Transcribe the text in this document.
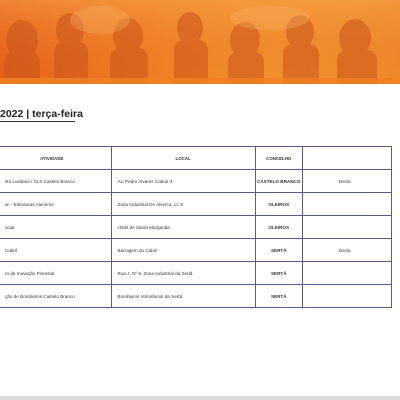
2022 | terça-feira
ATIVIDADE	LOCAL	CONCELHO	
sto Lusitano / SLS Castelo Branco	Av. Pedro Alvares Cabral 3	CASTELO BRANCO	Decla
al – Estruturas Alumínio	Zona Industrial De Alverca, Lt. 9	OLEIROS	
ocial	Hotel de Santa Margarida	OLEIROS	
Cabril	Barragem do Cabril	SERTÃ	Decla
ro de Inovação Florestal	Rua J, Nº 9, Zona Industrial da Sertã	SERTÃ	
ção de Bombeiros Castelo Branco	Bombeiros Voluntários da Sertã	SERTÃ	
